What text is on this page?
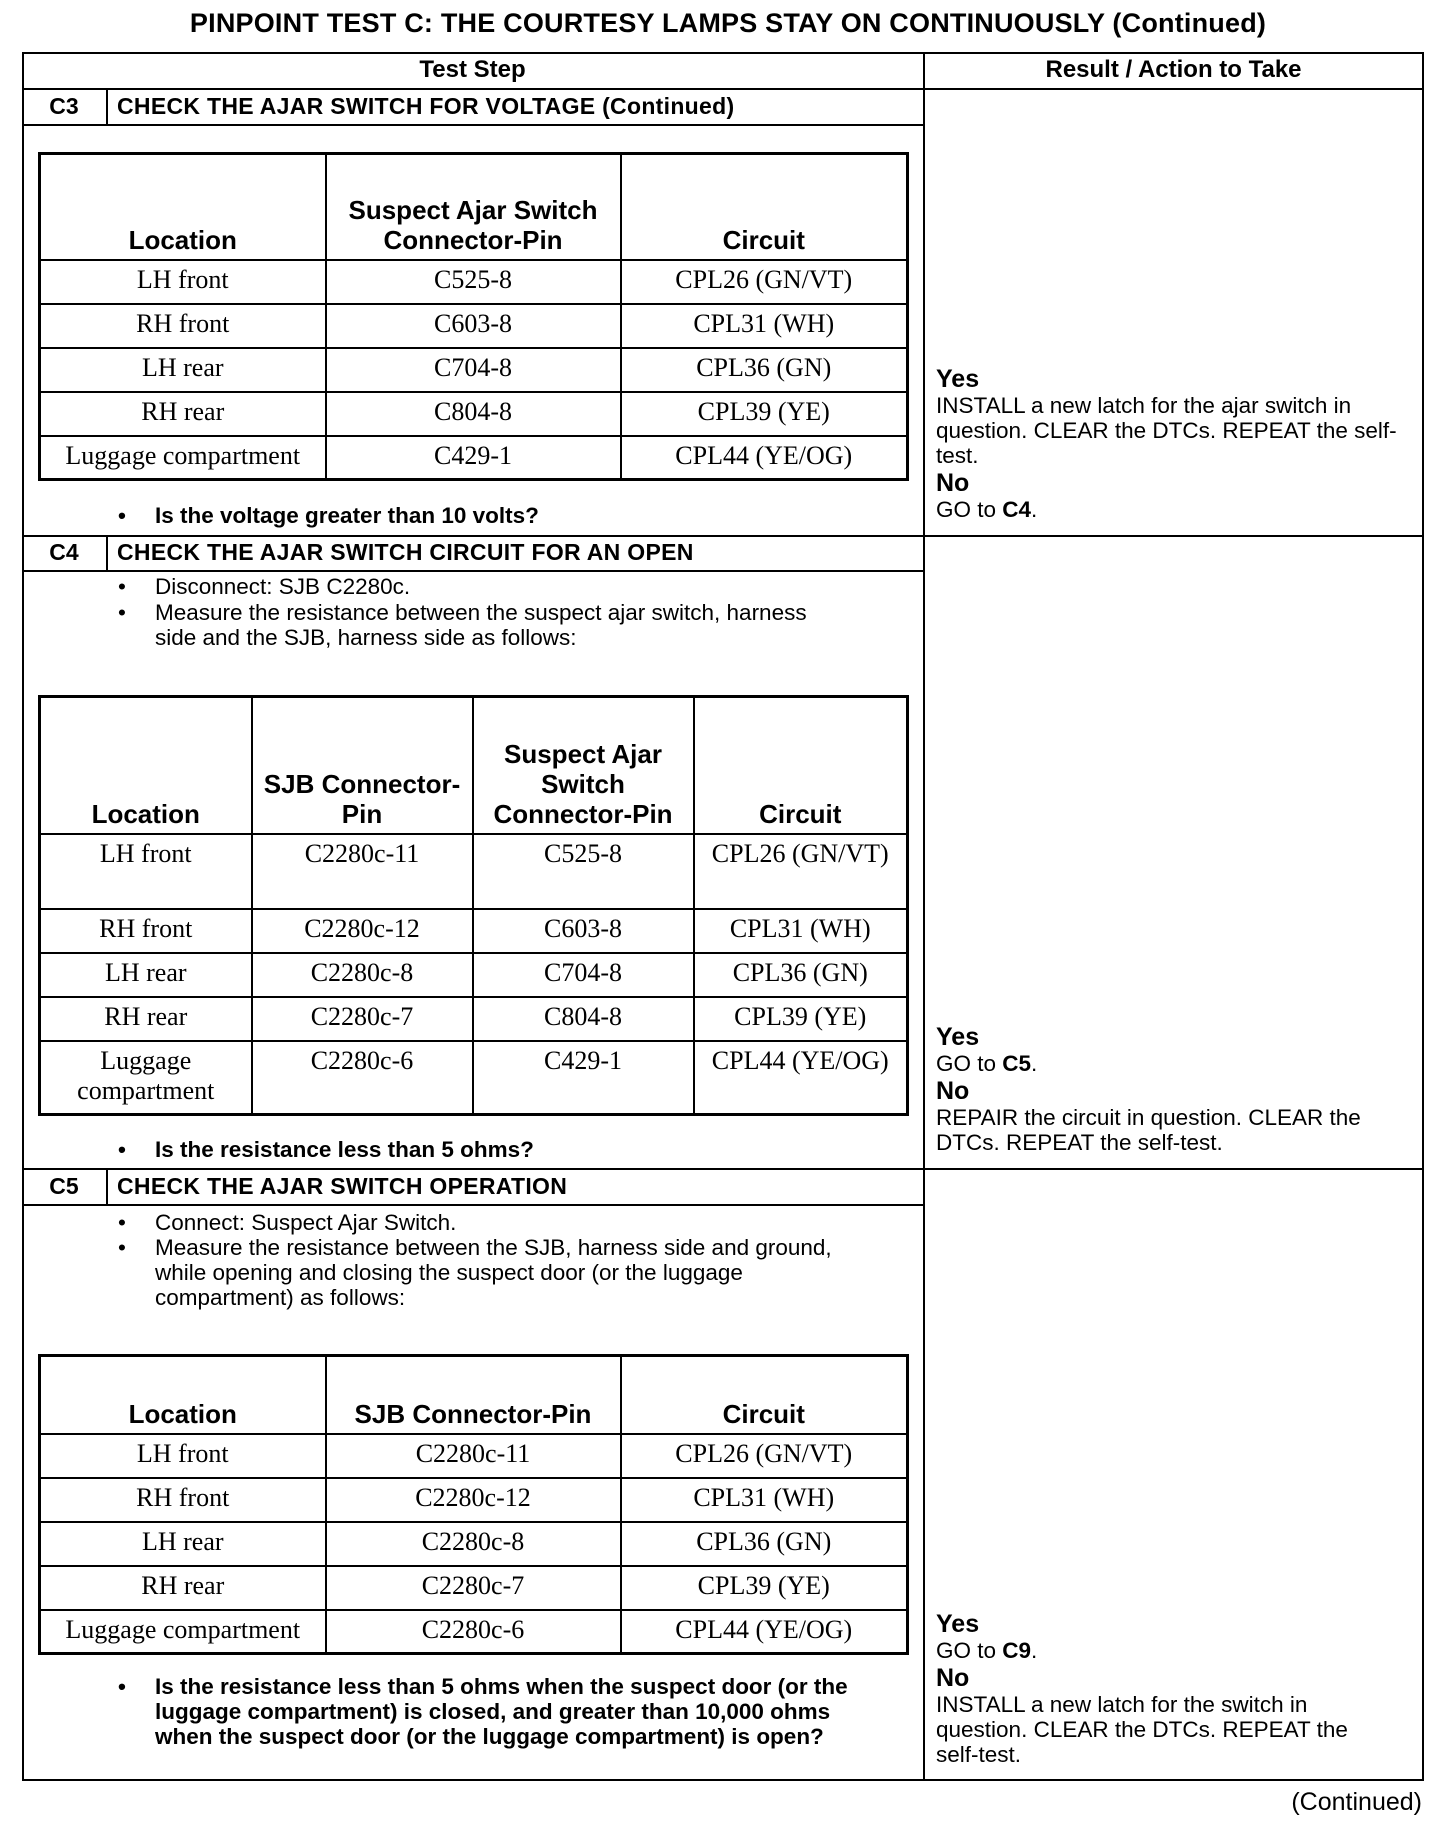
PINPOINT TEST C: THE COURTESY LAMPS STAY ON CONTINUOUSLY (Continued)
Test Step	Result / Action to Take
C3	CHECK THE AJAR SWITCH FOR VOLTAGE (Continued)
Location	Suspect Ajar Switch Connector-Pin	Circuit
LH front	C525-8	CPL26 (GN/VT)
RH front	C603-8	CPL31 (WH)
LH rear	C704-8	CPL36 (GN)
RH rear	C804-8	CPL39 (YE)
Luggage compartment	C429-1	CPL44 (YE/OG)
• Is the voltage greater than 10 volts?
Yes
INSTALL a new latch for the ajar switch in question. CLEAR the DTCs. REPEAT the self-test.
No
GO to C4.
C4	CHECK THE AJAR SWITCH CIRCUIT FOR AN OPEN
• Disconnect: SJB C2280c.
• Measure the resistance between the suspect ajar switch, harness side and the SJB, harness side as follows:
Location	SJB Connector-Pin	Suspect Ajar Switch Connector-Pin	Circuit
LH front	C2280c-11	C525-8	CPL26 (GN/VT)
RH front	C2280c-12	C603-8	CPL31 (WH)
LH rear	C2280c-8	C704-8	CPL36 (GN)
RH rear	C2280c-7	C804-8	CPL39 (YE)
Luggage compartment	C2280c-6	C429-1	CPL44 (YE/OG)
• Is the resistance less than 5 ohms?
Yes
GO to C5.
No
REPAIR the circuit in question. CLEAR the DTCs. REPEAT the self-test.
C5	CHECK THE AJAR SWITCH OPERATION
• Connect: Suspect Ajar Switch.
• Measure the resistance between the SJB, harness side and ground, while opening and closing the suspect door (or the luggage compartment) as follows:
Location	SJB Connector-Pin	Circuit
LH front	C2280c-11	CPL26 (GN/VT)
RH front	C2280c-12	CPL31 (WH)
LH rear	C2280c-8	CPL36 (GN)
RH rear	C2280c-7	CPL39 (YE)
Luggage compartment	C2280c-6	CPL44 (YE/OG)
• Is the resistance less than 5 ohms when the suspect door (or the luggage compartment) is closed, and greater than 10,000 ohms when the suspect door (or the luggage compartment) is open?
Yes
GO to C9.
No
INSTALL a new latch for the switch in question. CLEAR the DTCs. REPEAT the self-test.
(Continued)
